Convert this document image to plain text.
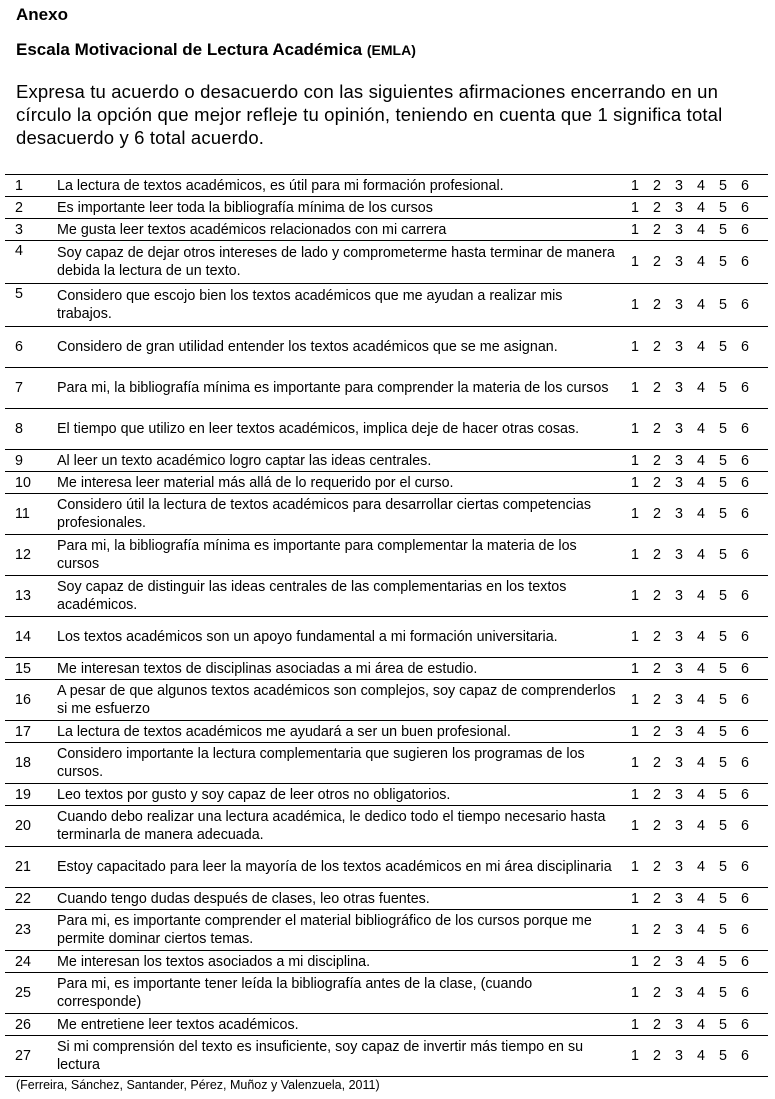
Anexo
Escala Motivacional de Lectura Académica (EMLA)
Expresa tu acuerdo o desacuerdo con las siguientes afirmaciones encerrando en un círculo la opción que mejor refleje tu opinión, teniendo en cuenta que 1 significa total desacuerdo y 6 total acuerdo.
1	La lectura de textos académicos, es útil para mi formación profesional.	1 2 3 4 5 6
2	Es importante leer toda la bibliografía mínima de los cursos	1 2 3 4 5 6
3	Me gusta leer textos académicos relacionados con mi carrera	1 2 3 4 5 6
4	Soy capaz de dejar otros intereses de lado y comprometerme hasta terminar de manera debida la lectura de un texto.	1 2 3 4 5 6
5	Considero que escojo bien los textos académicos que me ayudan a realizar mis trabajos.	1 2 3 4 5 6
6	Considero de gran utilidad entender los textos académicos que se me asignan.	1 2 3 4 5 6
7	Para mi, la bibliografía mínima es importante para comprender la materia de los cursos	1 2 3 4 5 6
8	El tiempo que utilizo en leer textos académicos, implica deje de hacer otras cosas.	1 2 3 4 5 6
9	Al leer un texto académico logro captar las ideas centrales.	1 2 3 4 5 6
10	Me interesa leer material más allá de lo requerido por el curso.	1 2 3 4 5 6
11	Considero útil la lectura de textos académicos para desarrollar ciertas competencias profesionales.	1 2 3 4 5 6
12	Para mi, la bibliografía mínima es importante para complementar la materia de los cursos	1 2 3 4 5 6
13	Soy capaz de distinguir las ideas centrales de las complementarias en los textos académicos.	1 2 3 4 5 6
14	Los textos académicos son un apoyo fundamental a mi formación universitaria.	1 2 3 4 5 6
15	Me interesan textos de disciplinas asociadas a mi área de estudio.	1 2 3 4 5 6
16	A pesar de que algunos textos académicos son complejos, soy capaz de comprenderlos si me esfuerzo	1 2 3 4 5 6
17	La lectura de textos académicos me ayudará a ser un buen profesional.	1 2 3 4 5 6
18	Considero importante la lectura complementaria que sugieren los programas de los cursos.	1 2 3 4 5 6
19	Leo textos por gusto y soy capaz de leer otros no obligatorios.	1 2 3 4 5 6
20	Cuando debo realizar una lectura académica, le dedico todo el tiempo necesario hasta terminarla de manera adecuada.	1 2 3 4 5 6
21	Estoy capacitado para leer la mayoría de los textos académicos en mi área disciplinaria	1 2 3 4 5 6
22	Cuando tengo dudas después de clases, leo otras fuentes.	1 2 3 4 5 6
23	Para mi, es importante comprender el material bibliográfico de los cursos porque me permite dominar ciertos temas.	1 2 3 4 5 6
24	Me interesan los textos asociados a mi disciplina.	1 2 3 4 5 6
25	Para mi, es importante tener leída la bibliografía antes de la clase, (cuando corresponde)	1 2 3 4 5 6
26	Me entretiene leer textos académicos.	1 2 3 4 5 6
27	Si mi comprensión del texto es insuficiente, soy capaz de invertir más tiempo en su lectura	1 2 3 4 5 6
(Ferreira, Sánchez, Santander, Pérez, Muñoz y Valenzuela, 2011)
